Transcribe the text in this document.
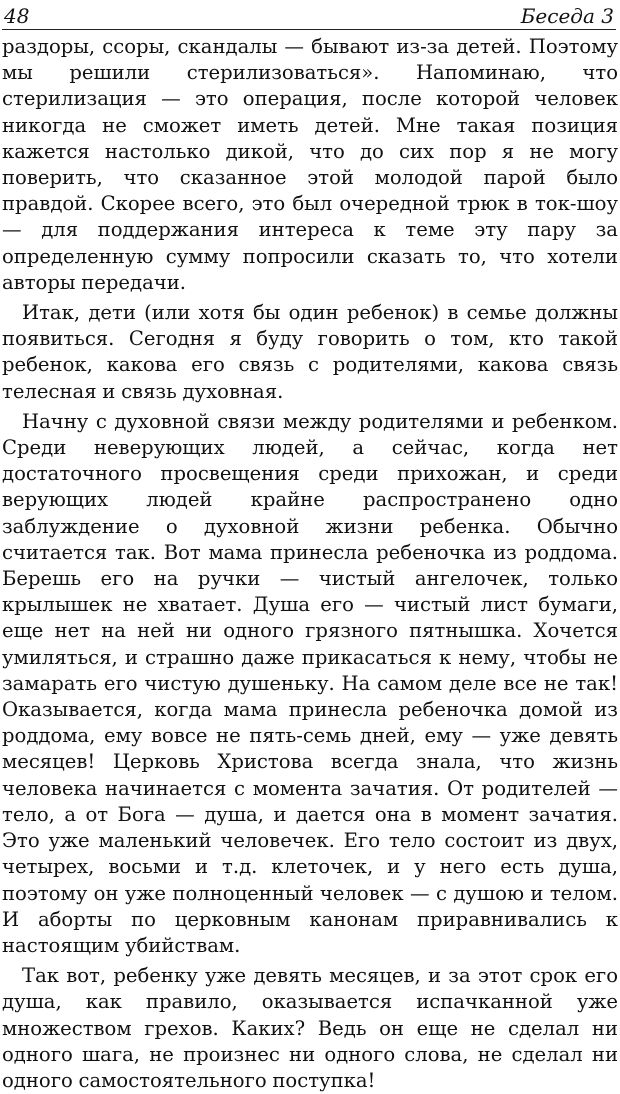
48	Беседа 3

раздоры, ссоры, скандалы — бывают из-за детей. Поэтому мы решили стерилизоваться». Напоминаю, что стерилизация — это операция, после которой человек никогда не сможет иметь детей. Мне такая позиция кажется настолько дикой, что до сих пор я не могу поверить, что сказанное этой молодой парой было правдой. Скорее всего, это был очередной трюк в ток-шоу — для поддержания интереса к теме эту пару за определенную сумму попросили сказать то, что хотели авторы передачи.

Итак, дети (или хотя бы один ребенок) в семье должны появиться. Сегодня я буду говорить о том, кто такой ребенок, какова его связь с родителями, какова связь телесная и связь духовная.

Начну с духовной связи между родителями и ребенком. Среди неверующих людей, а сейчас, когда нет достаточного просвещения среди прихожан, и среди верующих людей крайне распространено одно заблуждение о духовной жизни ребенка. Обычно считается так. Вот мама принесла ребеночка из роддома. Берешь его на ручки — чистый ангелочек, только крылышек не хватает. Душа его — чистый лист бумаги, еще нет на ней ни одного грязного пятнышка. Хочется умиляться, и страшно даже прикасаться к нему, чтобы не замарать его чистую душеньку. На самом деле все не так! Оказывается, когда мама принесла ребеночка домой из роддома, ему вовсе не пять-семь дней, ему — уже девять месяцев! Церковь Христова всегда знала, что жизнь человека начинается с момента зачатия. От родителей — тело, а от Бога — душа, и дается она в момент зачатия. Это уже маленький человечек. Его тело состоит из двух, четырех, восьми и т.д. клеточек, и у него есть душа, поэтому он уже полноценный человек — с душою и телом. И аборты по церковным канонам приравнивались к настоящим убийствам.

Так вот, ребенку уже девять месяцев, и за этот срок его душа, как правило, оказывается испачканной уже множеством грехов. Каких? Ведь он еще не сделал ни одного шага, не произнес ни одного слова, не сделал ни одного самостоятельного поступка!
